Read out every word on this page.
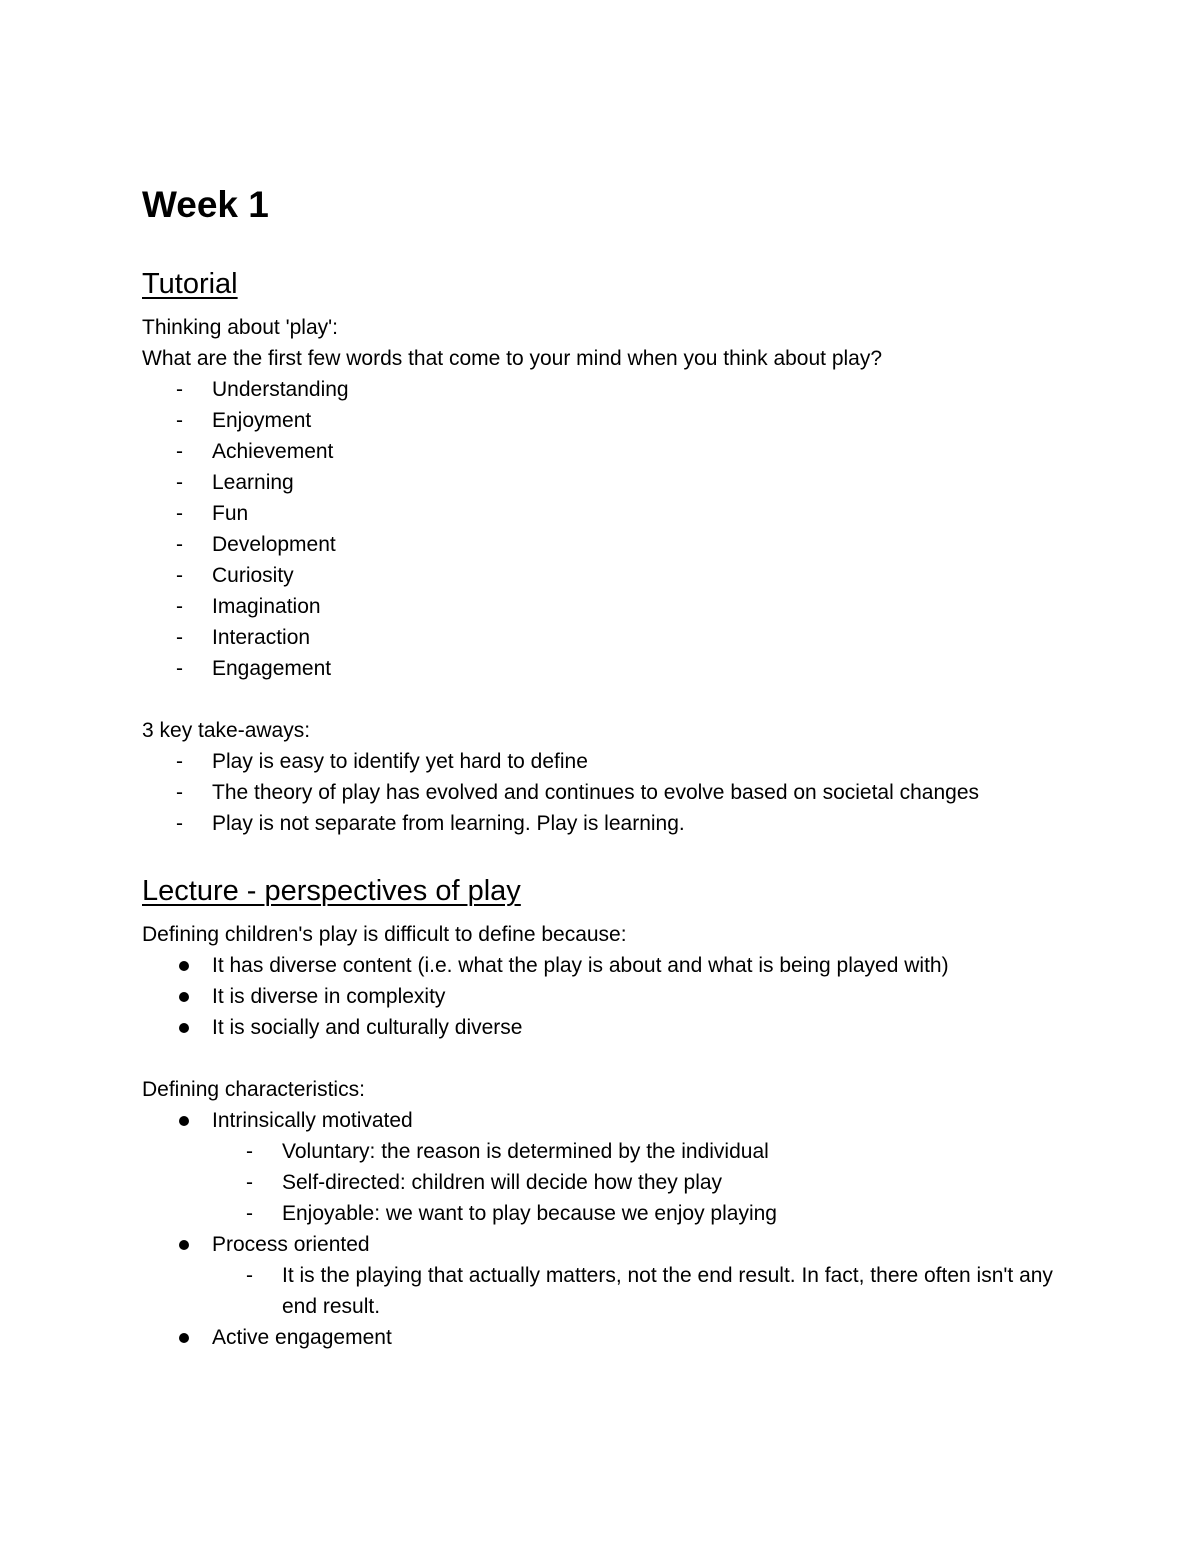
Week 1
Tutorial

Thinking about 'play':

What are the first few words that come to your mind when you think about play?

-	Understanding
-	Enjoyment
-	Achievement
-	Learning
-	Fun
-	Development
-	Curiosity
-	Imagination
-	Interaction
-	Engagement

3 key take-aways:

-	Play is easy to identify yet hard to define
-	The theory of play has evolved and continues to evolve based on societal changes
-	Play is not separate from learning. Play is learning.
Lecture - perspectives of play

Defining children's play is difficult to define because:

It has diverse content (i.e. what the play is about and what is being played with)
It is diverse in complexity
It is socially and culturally diverse

Defining characteristics:

Intrinsically motivated
-	Voluntary: the reason is determined by the individual
-	Self-directed: children will decide how they play
-	Enjoyable: we want to play because we enjoy playing
Process oriented
-	It is the playing that actually matters, not the end result. In fact, there often isn't any end result.
Active engagement
